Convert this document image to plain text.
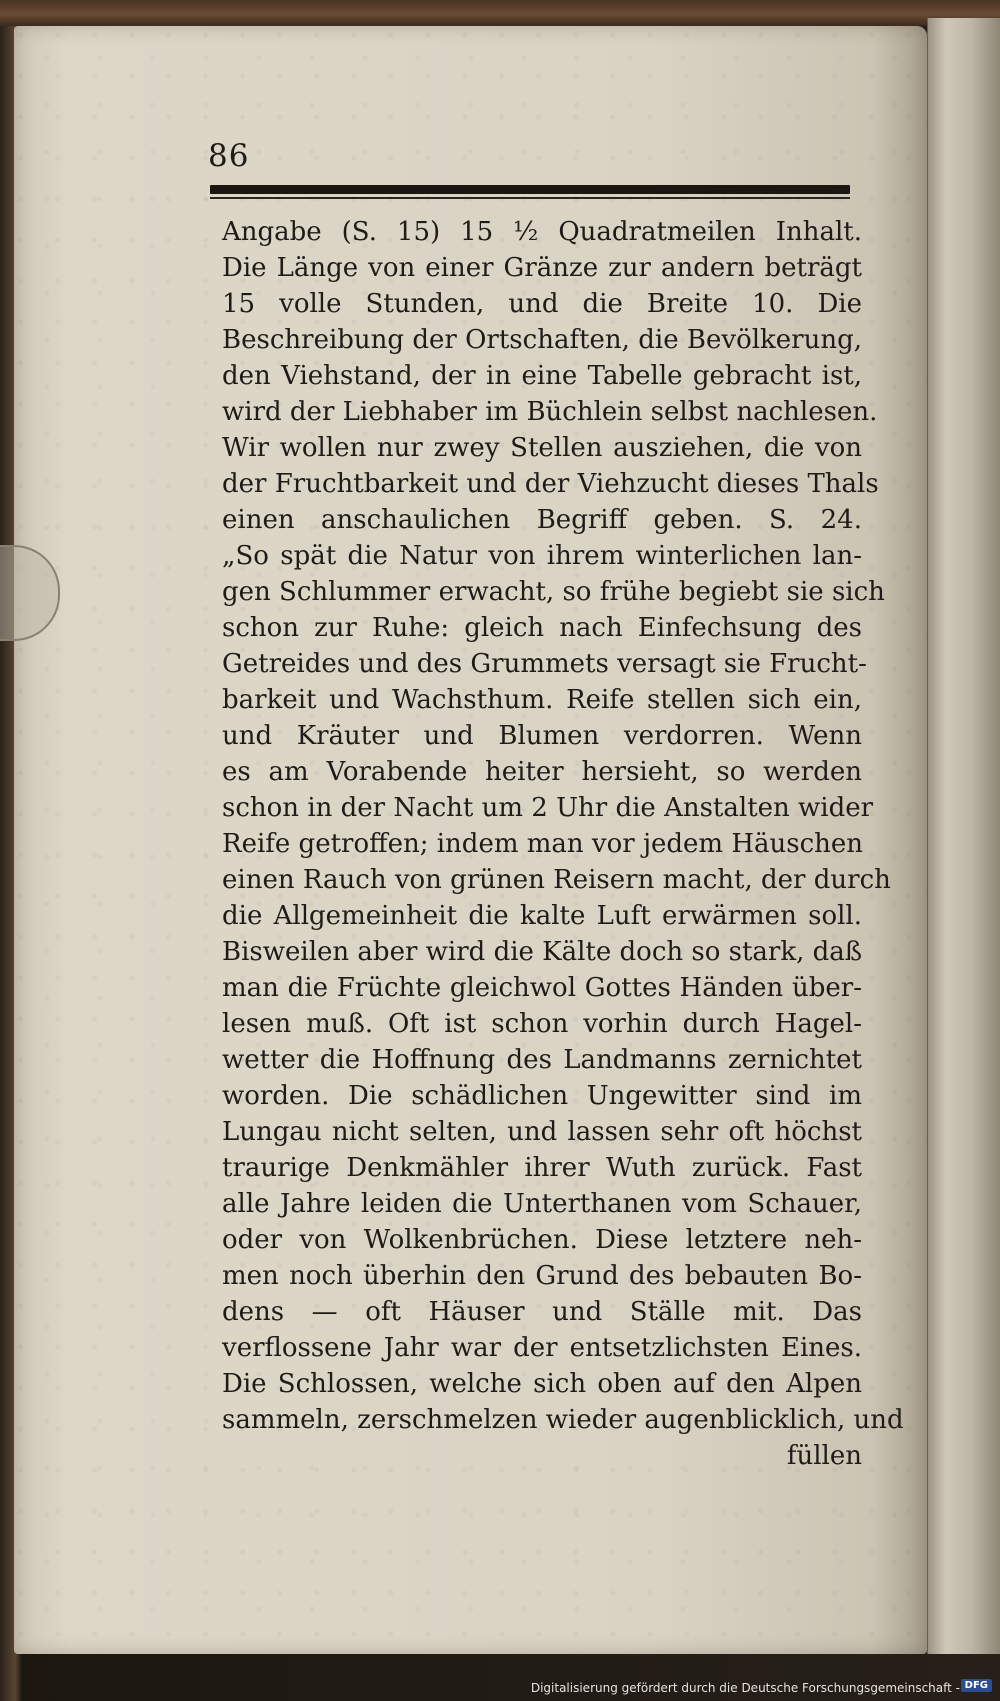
86
Angabe (S. 15) 15 ½ Quadratmeilen Inhalt.
Die Länge von einer Gränze zur andern beträgt
15 volle Stunden, und die Breite 10. Die
Beschreibung der Ortschaften, die Bevölkerung,
den Viehstand, der in eine Tabelle gebracht ist,
wird der Liebhaber im Büchlein selbst nachlesen.
Wir wollen nur zwey Stellen ausziehen, die von
der Fruchtbarkeit und der Viehzucht dieses Thals
einen anschaulichen Begriff geben. S. 24.
„So spät die Natur von ihrem winterlichen lan-
gen Schlummer erwacht, so frühe begiebt sie sich
schon zur Ruhe: gleich nach Einfechsung des
Getreides und des Grummets versagt sie Frucht-
barkeit und Wachsthum. Reife stellen sich ein,
und Kräuter und Blumen verdorren. Wenn
es am Vorabende heiter hersieht, so werden
schon in der Nacht um 2 Uhr die Anstalten wider
Reife getroffen; indem man vor jedem Häuschen
einen Rauch von grünen Reisern macht, der durch
die Allgemeinheit die kalte Luft erwärmen soll.
Bisweilen aber wird die Kälte doch so stark, daß
man die Früchte gleichwol Gottes Händen über-
lesen muß. Oft ist schon vorhin durch Hagel-
wetter die Hoffnung des Landmanns zernichtet
worden. Die schädlichen Ungewitter sind im
Lungau nicht selten, und lassen sehr oft höchst
traurige Denkmähler ihrer Wuth zurück. Fast
alle Jahre leiden die Unterthanen vom Schauer,
oder von Wolkenbrüchen. Diese letztere neh-
men noch überhin den Grund des bebauten Bo-
dens — oft Häuser und Ställe mit. Das
verflossene Jahr war der entsetzlichsten Eines.
Die Schlossen, welche sich oben auf den Alpen
sammeln, zerschmelzen wieder augenblicklich, und
füllen
Digitalisierung gefördert durch die Deutsche Forschungsgemeinschaft - DFG
